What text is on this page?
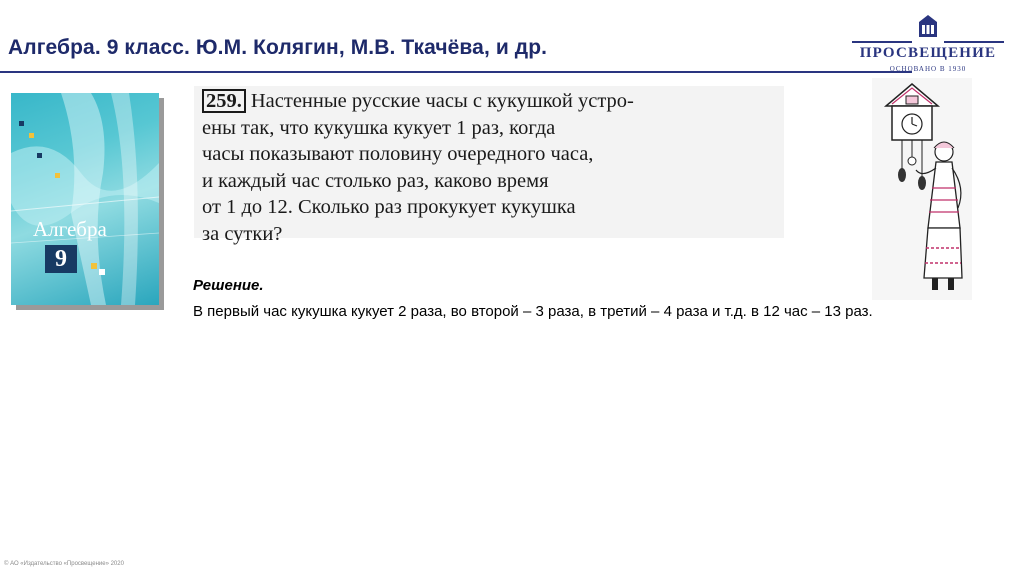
Алгебра. 9 класс. Ю.М. Колягин, М.В. Ткачёва, и др.	ПРОСВЕЩЕНИЕ
ОСНОВАНО В 1930
Алгебра
9
259. Настенные русские часы с кукушкой устро-
ены так, что кукушка кукует 1 раз, когда
часы показывают половину очередного часа,
и каждый час столько раз, каково время
от 1 до 12. Сколько раз прокукует кукушка
за сутки?
Решение.
В первый час кукушка кукует 2 раза, во второй – 3 раза, в третий – 4 раза и т.д. в 12 час – 13 раз.
© АО «Издательство «Просвещение» 2020
